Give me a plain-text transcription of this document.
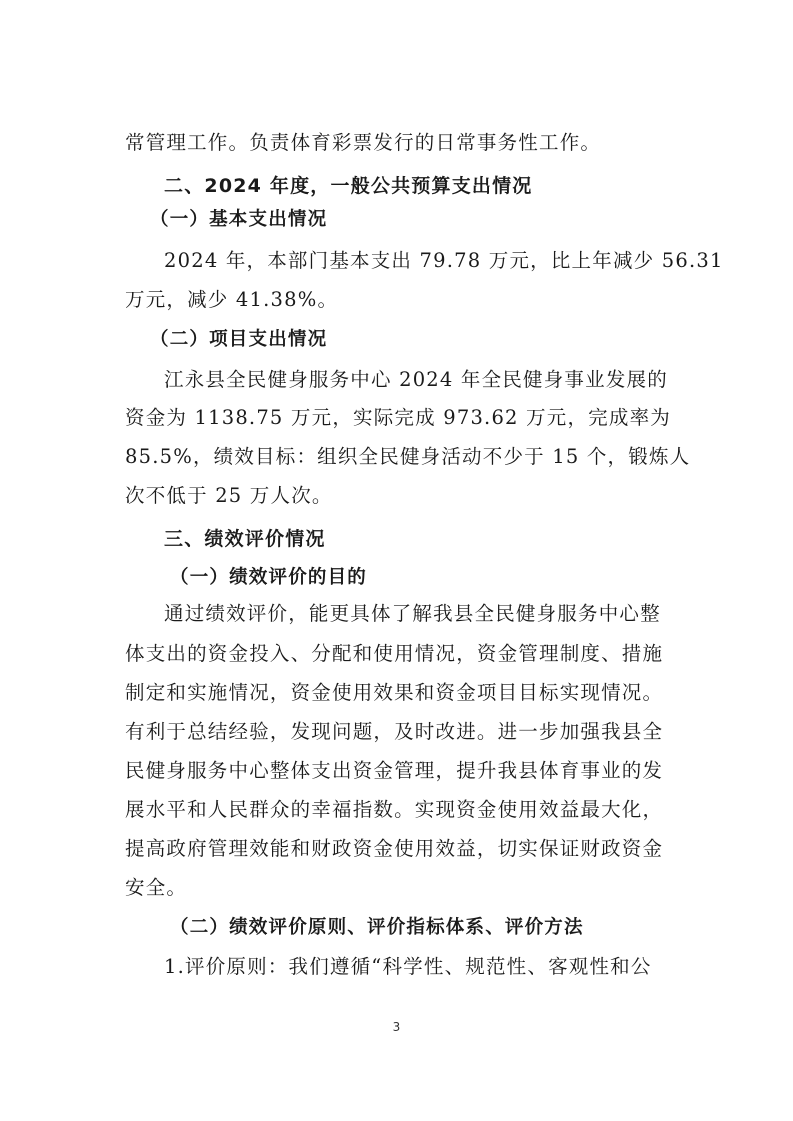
常管理工作。负责体育彩票发行的日常事务性工作。
二、2024 年度，一般公共预算支出情况
（一）基本支出情况
2024 年，本部门基本支出 79.78 万元，比上年减少 56.31
万元，减少 41.38%。
（二）项目支出情况
江永县全民健身服务中心 2024 年全民健身事业发展的
资金为 1138.75 万元，实际完成 973.62 万元，完成率为
85.5%，绩效目标：组织全民健身活动不少于 15 个，锻炼人
次不低于 25 万人次。
三、绩效评价情况
（一）绩效评价的目的
通过绩效评价，能更具体了解我县全民健身服务中心整
体支出的资金投入、分配和使用情况，资金管理制度、措施
制定和实施情况，资金使用效果和资金项目目标实现情况。
有利于总结经验，发现问题，及时改进。进一步加强我县全
民健身服务中心整体支出资金管理，提升我县体育事业的发
展水平和人民群众的幸福指数。实现资金使用效益最大化，
提高政府管理效能和财政资金使用效益，切实保证财政资金
安全。
（二）绩效评价原则、评价指标体系、评价方法
1.评价原则：我们遵循“科学性、规范性、客观性和公
3
